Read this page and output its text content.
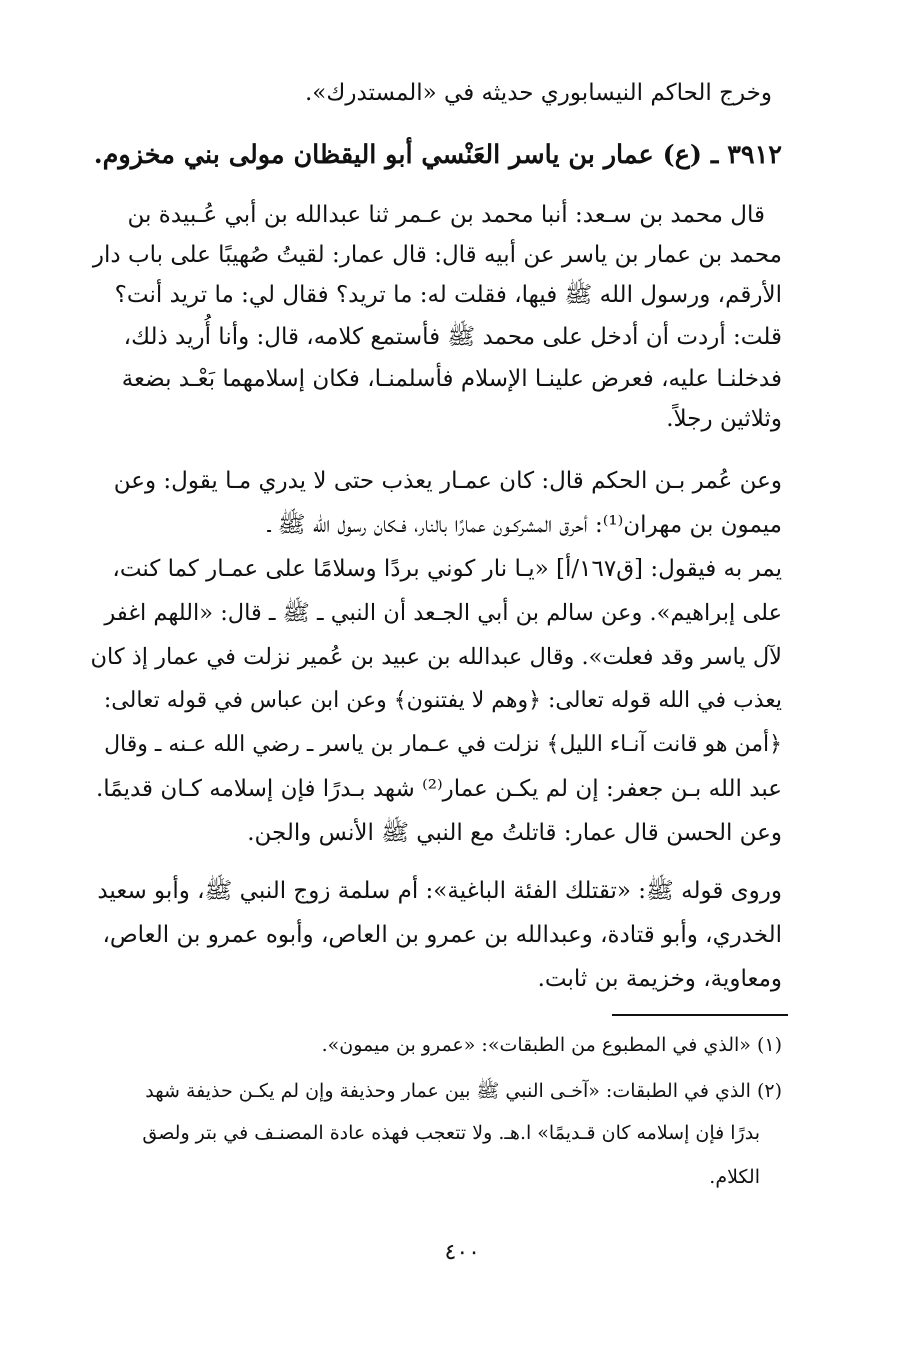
وخرج الحاكم النيسابوري حديثه في «المستدرك».
٣٩١٢ ـ (ع) عمار بن ياسر العَنْسي أبو اليقظان مولى بني مخزوم.
قال محمد بن سـعد: أنبا محمد بن عـمر ثنا عبدالله بن أبي عُـبيدة بن
محمد بن عمار بن ياسر عن أبيه قال: قال عمار: لقيتُ صُهيبًا على باب دار
الأرقم، ورسول الله ﷺ فيها، فقلت له: ما تريد؟ فقال لي: ما تريد أنت؟
قلت: أردت أن أدخل على محمد ﷺ فأستمع كلامه، قال: وأنا أُريد ذلك،
فدخلنـا عليه، فعرض علينـا الإسلام فأسلمنـا، فكان إسلامهما بَعْـد بضعة
وثلاثين رجلاً.
وعن عُمر بـن الحكم قال: كان عمـار يعذب حتى لا يدري مـا يقول: وعن
ميمون بن مهران⁽¹⁾: أحرق المشركـون عمارًا بالنار، فـكان رسول الله ﷺ ـ
يمر به فيقول: [ق١٦٧/أ] «يـا نار كوني بردًا وسلامًا على عمـار كما كنت،
على إبراهيم». وعن سالم بن أبي الجـعد أن النبي ـ ﷺ ـ قال: «اللهم اغفر
لآل ياسر وقد فعلت». وقال عبدالله بن عبيد بن عُمير نزلت في عمار إذ كان
يعذب في الله قوله تعالى: ﴿وهم لا يفتنون﴾ وعن ابن عباس في قوله تعالى:
﴿أمن هو قانت آنـاء الليل﴾ نزلت في عـمار بن ياسر ـ رضي الله عـنه ـ وقال
عبد الله بـن جعفر: إن لم يكـن عمار⁽²⁾ شهد بـدرًا فإن إسلامه كـان قديمًا.
وعن الحسن قال عمار: قاتلتُ مع النبي ﷺ الأنس والجن.
وروى قوله ﷺ: «تقتلك الفئة الباغية»: أم سلمة زوج النبي ﷺ، وأبو سعيد
الخدري، وأبو قتادة، وعبدالله بن عمرو بن العاص، وأبوه عمرو بن العاص،
ومعاوية، وخزيمة بن ثابت.
(١) «الذي في المطبوع من الطبقات»: «عمرو بن ميمون».
(٢) الذي في الطبقات: «آخـى النبي ﷺ بين عمار وحذيفة وإن لم يكـن حذيفة شهد
بدرًا فإن إسلامه كان قـديمًا» ا.هـ. ولا تتعجب فهذه عادة المصنـف في بتر ولصق
الكلام.
٤٠٠
